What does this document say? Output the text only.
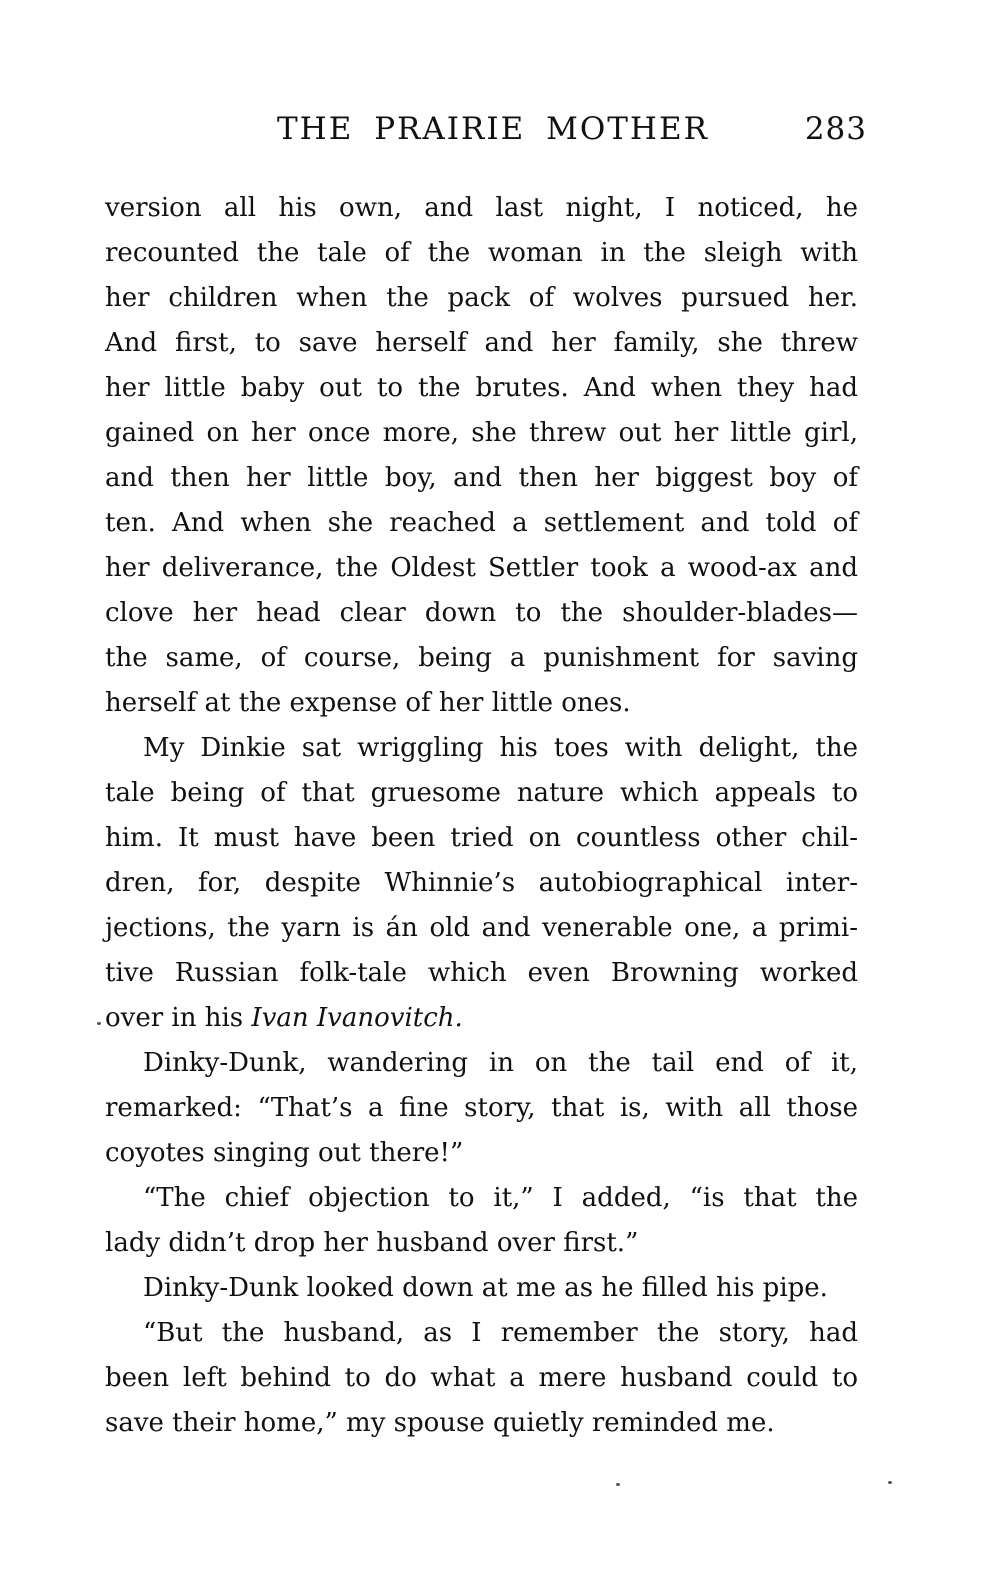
THE PRAIRIE MOTHER	283
version all his own, and last night, I noticed, he
recounted the tale of the woman in the sleigh with
her children when the pack of wolves pursued her.
And first, to save herself and her family, she threw
her little baby out to the brutes. And when they had
gained on her once more, she threw out her little girl,
and then her little boy, and then her biggest boy of
ten. And when she reached a settlement and told of
her deliverance, the Oldest Settler took a wood-ax and
clove her head clear down to the shoulder-blades—
the same, of course, being a punishment for saving
herself at the expense of her little ones.
My Dinkie sat wriggling his toes with delight, the
tale being of that gruesome nature which appeals to
him. It must have been tried on countless other chil-
dren, for, despite Whinnie’s autobiographical inter-
jections, the yarn is án old and venerable one, a primi-
tive Russian folk-tale which even Browning worked
over in his Ivan Ivanovitch.
Dinky-Dunk, wandering in on the tail end of it,
remarked: “That’s a fine story, that is, with all those
coyotes singing out there!”
“The chief objection to it,” I added, “is that the
lady didn’t drop her husband over first.”
Dinky-Dunk looked down at me as he filled his pipe.
“But the husband, as I remember the story, had
been left behind to do what a mere husband could to
save their home,” my spouse quietly reminded me.
